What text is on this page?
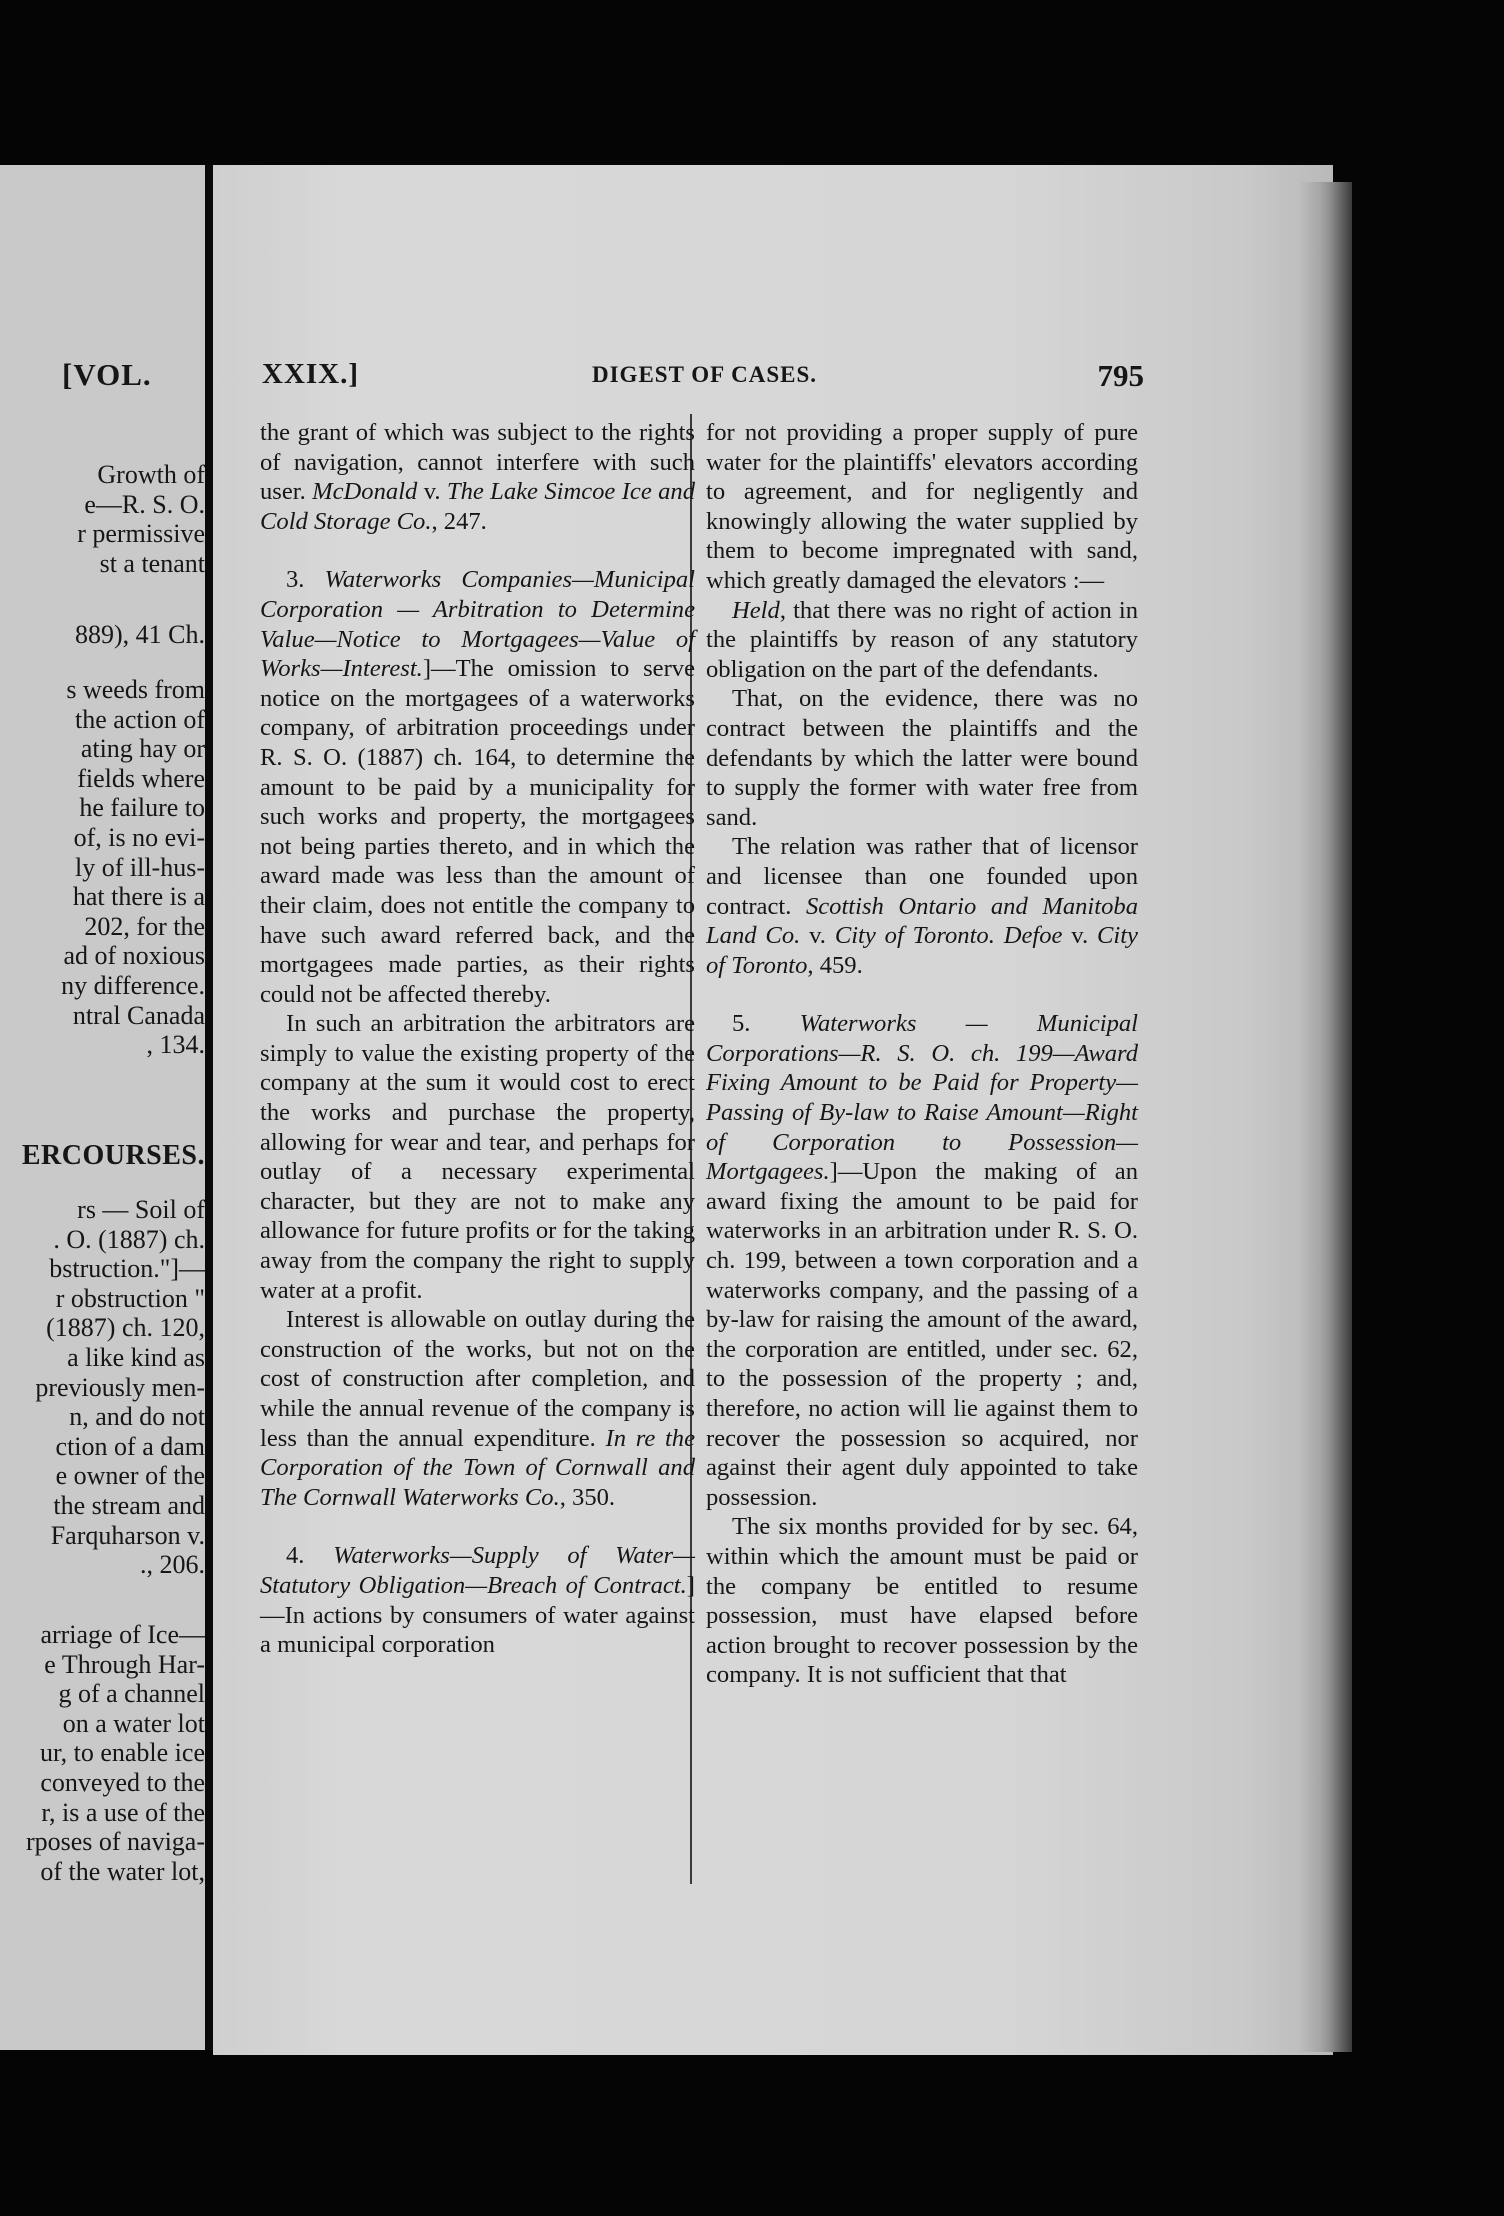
[VOL.
Growth of
e—R. S. O.
r permissive
st a tenant
889), 41 Ch.
s weeds from
the action of
ating hay or
fields where
he failure to
of, is no evi-
ly of ill-hus-
hat there is a
202, for the
ad of noxious
ny difference.
ntral Canada
, 134.
ERCOURSES.
rs — Soil of
. O. (1887) ch.
bstruction."]—
r obstruction "
(1887) ch. 120,
a like kind as
previously men-
n, and do not
ction of a dam
e owner of the
the stream and
Farquharson v.
., 206.
arriage of Ice—
e Through Har-
g of a channel
on a water lot
ur, to enable ice
conveyed to the
r, is a use of the
rposes of naviga-
of the water lot,
XXIX.]	DIGEST OF CASES.	795

the grant of which was subject to the rights of navigation, cannot interfere with such user. McDonald v. The Lake Simcoe Ice and Cold Storage Co., 247.

3. Waterworks Companies—Municipal Corporation — Arbitration to Determine Value—Notice to Mortgagees—Value of Works—Interest.]—The omission to serve notice on the mortgagees of a waterworks company, of arbitration proceedings under R. S. O. (1887) ch. 164, to determine the amount to be paid by a municipality for such works and property, the mortgagees not being parties thereto, and in which the award made was less than the amount of their claim, does not entitle the company to have such award referred back, and the mortgagees made parties, as their rights could not be affected thereby.

In such an arbitration the arbitrators are simply to value the existing property of the company at the sum it would cost to erect the works and purchase the property, allowing for wear and tear, and perhaps for outlay of a necessary experimental character, but they are not to make any allowance for future profits or for the taking away from the company the right to supply water at a profit.

Interest is allowable on outlay during the construction of the works, but not on the cost of construction after completion, and while the annual revenue of the company is less than the annual expenditure. In re the Corporation of the Town of Cornwall and The Cornwall Waterworks Co., 350.

4. Waterworks—Supply of Water—Statutory Obligation—Breach of Contract.]—In actions by consumers of water against a municipal corporation

for not providing a proper supply of pure water for the plaintiffs' elevators according to agreement, and for negligently and knowingly allowing the water supplied by them to become impregnated with sand, which greatly damaged the elevators :—

Held, that there was no right of action in the plaintiffs by reason of any statutory obligation on the part of the defendants.

That, on the evidence, there was no contract between the plaintiffs and the defendants by which the latter were bound to supply the former with water free from sand.

The relation was rather that of licensor and licensee than one founded upon contract. Scottish Ontario and Manitoba Land Co. v. City of Toronto. Defoe v. City of Toronto, 459.

5. Waterworks — Municipal Corporations—R. S. O. ch. 199—Award Fixing Amount to be Paid for Property—Passing of By-law to Raise Amount—Right of Corporation to Possession—Mortgagees.]—Upon the making of an award fixing the amount to be paid for waterworks in an arbitration under R. S. O. ch. 199, between a town corporation and a waterworks company, and the passing of a by-law for raising the amount of the award, the corporation are entitled, under sec. 62, to the possession of the property ; and, therefore, no action will lie against them to recover the possession so acquired, nor against their agent duly appointed to take possession.

The six months provided for by sec. 64, within which the amount must be paid or the company be entitled to resume possession, must have elapsed before action brought to recover possession by the company. It is not sufficient that that
